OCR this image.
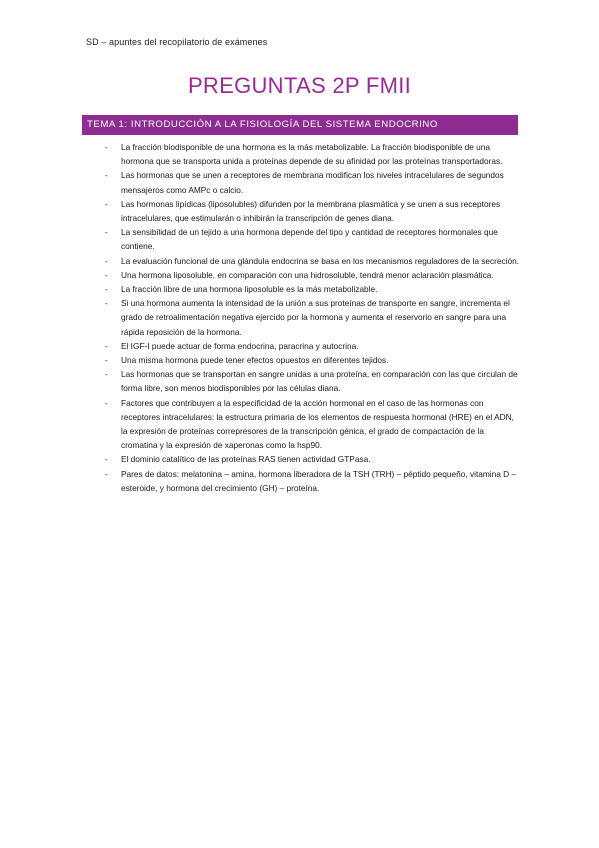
SD – apuntes del recopilatorio de exámenes
PREGUNTAS 2P FMII
TEMA 1: INTRODUCCIÓN A LA FISIOLOGÍA DEL SISTEMA ENDOCRINO
- La fracción biodisponible de una hormona es la más metabolizable. La fracción biodisponible de una hormona que se transporta unida a proteínas depende de su afinidad por las proteínas transportadoras.
- Las hormonas que se unen a receptores de membrana modifican los niveles intracelulares de segundos mensajeros como AMPc o calcio.
- Las hormonas lipídicas (liposolubles) difunden por la membrana plasmática y se unen a sus receptores intracelulares, que estimularán o inhibirán la transcripción de genes diana.
- La sensibilidad de un tejido a una hormona depende del tipo y cantidad de receptores hormonales que contiene.
- La evaluación funcional de una glándula endocrina se basa en los mecanismos reguladores de la secreción.
- Una hormona liposoluble, en comparación con una hidrosoluble, tendrá menor aclaración plasmática.
- La fracción libre de una hormona liposoluble es la más metabolizable.
- Si una hormona aumenta la intensidad de la unión a sus proteínas de transporte en sangre, incrementa el grado de retroalimentación negativa ejercido por la hormona y aumenta el reservorio en sangre para una rápida reposición de la hormona.
- El IGF-I puede actuar de forma endocrina, paracrina y autocrina.
- Una misma hormona puede tener efectos opuestos en diferentes tejidos.
- Las hormonas que se transportan en sangre unidas a una proteína, en comparación con las que circulan de forma libre, son menos biodisponibles por las células diana.
- Factores que contribuyen a la especificidad de la acción hormonal en el caso de las hormonas con receptores intracelulares: la estructura primaria de los elementos de respuesta hormonal (HRE) en el ADN, la expresión de proteínas correpresores de la transcripción génica, el grado de compactación de la cromatina y la expresión de xaperonas como la hsp90.
- El dominio catalítico de las proteínas RAS tienen actividad GTPasa.
- Pares de datos: melatonina – amina, hormona liberadora de la TSH (TRH) – péptido pequeño, vitamina D – esteroide, y hormona del crecimiento (GH) – proteína.
